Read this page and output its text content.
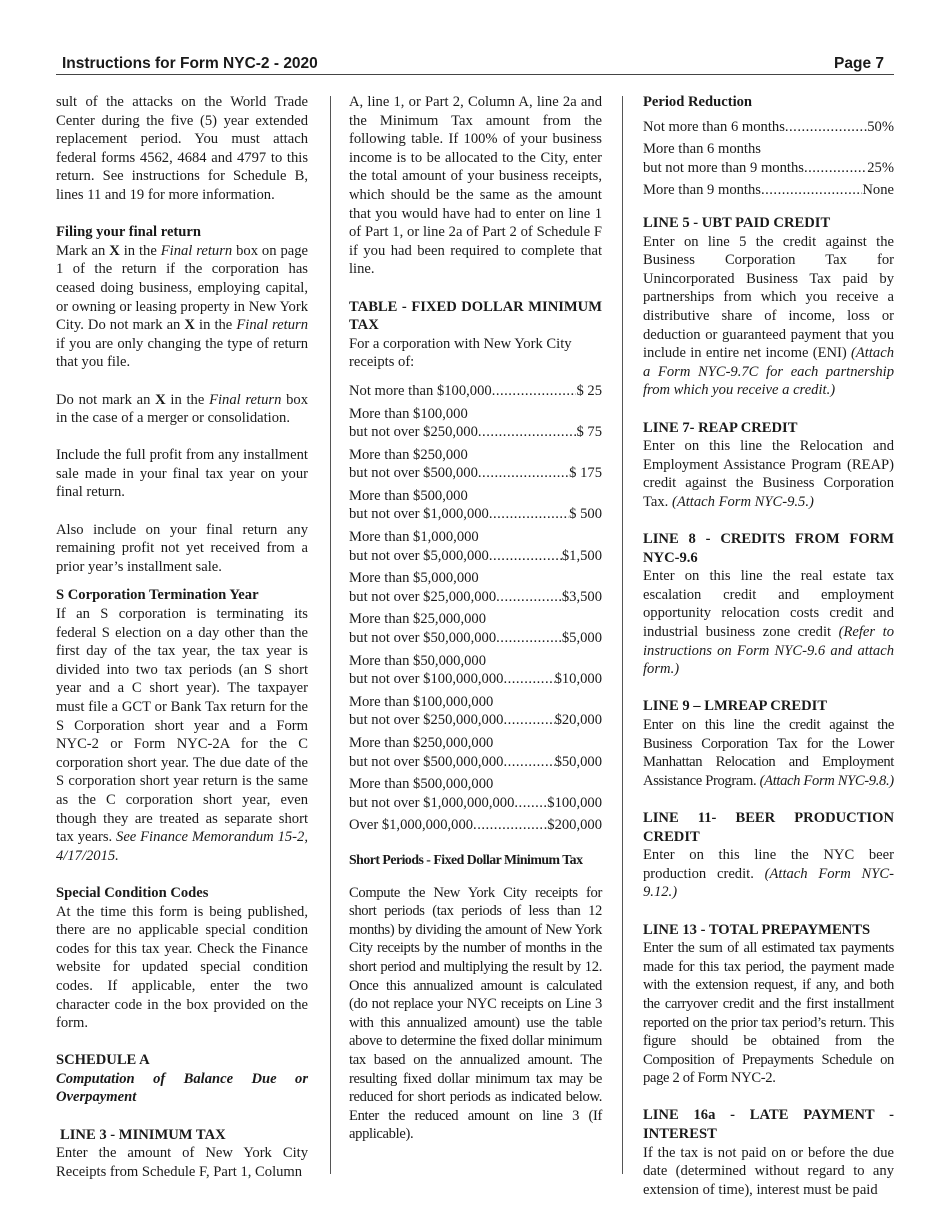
Instructions for Form NYC-2 - 2020	Page 7

sult of the attacks on the World Trade Center during the five (5) year extended replacement period. You must attach federal forms 4562, 4684 and 4797 to this return. See instructions for Schedule B, lines 11 and 19 for more information.

Filing your final return

Mark an X in the Final return box on page 1 of the return if the corporation has ceased doing business, employing capital, or owning or leasing property in New York City. Do not mark an X in the Final return if you are only changing the type of return that you file.

Do not mark an X in the Final return box in the case of a merger or consolidation.

Include the full profit from any installment sale made in your final tax year on your final return.

Also include on your final return any remaining profit not yet received from a prior year’s installment sale.

S Corporation Termination Year

If an S corporation is terminating its federal S election on a day other than the first day of the tax year, the tax year is divided into two tax periods (an S short year and a C short year). The taxpayer must file a GCT or Bank Tax return for the S Corporation short year and a Form NYC-2 or Form NYC-2A for the C corporation short year. The due date of the S corporation short year return is the same as the C corporation short year, even though they are treated as separate short tax years. See Finance Memorandum 15-2, 4/17/2015.

Special Condition Codes

At the time this form is being published, there are no applicable special condition codes for this tax year. Check the Finance website for updated special condition codes. If applicable, enter the two character code in the box provided on the form.

SCHEDULE A

Computation of Balance Due or Overpayment

LINE 3 - MINIMUM TAX

Enter the amount of New York City Receipts from Schedule F, Part 1, Column

A, line 1, or Part 2, Column A, line 2a and the Minimum Tax amount from the following table. If 100% of your business income is to be allocated to the City, enter the total amount of your business receipts, which should be the same as the amount that you would have had to enter on line 1 of Part 1, or line 2a of Part 2 of Schedule F if you had been required to complete that line.

TABLE - FIXED DOLLAR MINIMUM TAX

For a corporation with New York City receipts of:

Not more than $100,000 .....	$ 25
More than $100,000
but not over $250,000 .....	$ 75
More than $250,000
but not over $500,000 .....	$ 175
More than $500,000
but not over $1,000,000 .....	$ 500
More than $1,000,000
but not over $5,000,000 .....	$1,500
More than $5,000,000
but not over $25,000,000 .....	$3,500
More than $25,000,000
but not over $50,000,000 .....	$5,000
More than $50,000,000
but not over $100,000,000 .....	$10,000
More than $100,000,000
but not over $250,000,000 .....	$20,000
More than $250,000,000
but not over $500,000,000 .....	$50,000
More than $500,000,000
but not over $1,000,000,000 ..... $100,000
Over $1,000,000,000 .....	$200,000

Short Periods - Fixed Dollar Minimum Tax

Compute the New York City receipts for short periods (tax periods of less than 12 months) by dividing the amount of New York City receipts by the number of months in the short period and multiplying the result by 12. Once this annualized amount is calculated (do not replace your NYC receipts on Line 3 with this annualized amount) use the table above to determine the fixed dollar minimum tax based on the annualized amount. The resulting fixed dollar minimum tax may be reduced for short periods as indicated below. Enter the reduced amount on line 3 (If applicable).

Period Reduction

Not more than 6 months .....	50%
More than 6 months
but not more than 9 months .....	25%
More than 9 months .....	None

LINE 5 - UBT PAID CREDIT

Enter on line 5 the credit against the Business Corporation Tax for Unincorporated Business Tax paid by partnerships from which you receive a distributive share of income, loss or deduction or guaranteed payment that you include in entire net income (ENI) (Attach a Form NYC-9.7C for each partnership from which you receive a credit.)

LINE 7- REAP CREDIT

Enter on this line the Relocation and Employment Assistance Program (REAP) credit against the Business Corporation Tax. (Attach Form NYC-9.5.)

LINE 8 - CREDITS FROM FORM NYC-9.6

Enter on this line the real estate tax escalation credit and employment opportunity relocation costs credit and industrial business zone credit (Refer to instructions on Form NYC-9.6 and attach form.)

LINE 9 – LMREAP CREDIT

Enter on this line the credit against the Business Corporation Tax for the Lower Manhattan Relocation and Employment Assistance Program. (Attach Form NYC-9.8.)

LINE 11- BEER PRODUCTION CREDIT

Enter on this line the NYC beer production credit. (Attach Form NYC-9.12.)

LINE 13 - TOTAL PREPAYMENTS

Enter the sum of all estimated tax payments made for this tax period, the payment made with the extension request, if any, and both the carryover credit and the first installment reported on the prior tax period’s return. This figure should be obtained from the Composition of Prepayments Schedule on page 2 of Form NYC-2.

LINE 16a - LATE PAYMENT - INTEREST

If the tax is not paid on or before the due date (determined without regard to any extension of time), interest must be paid
